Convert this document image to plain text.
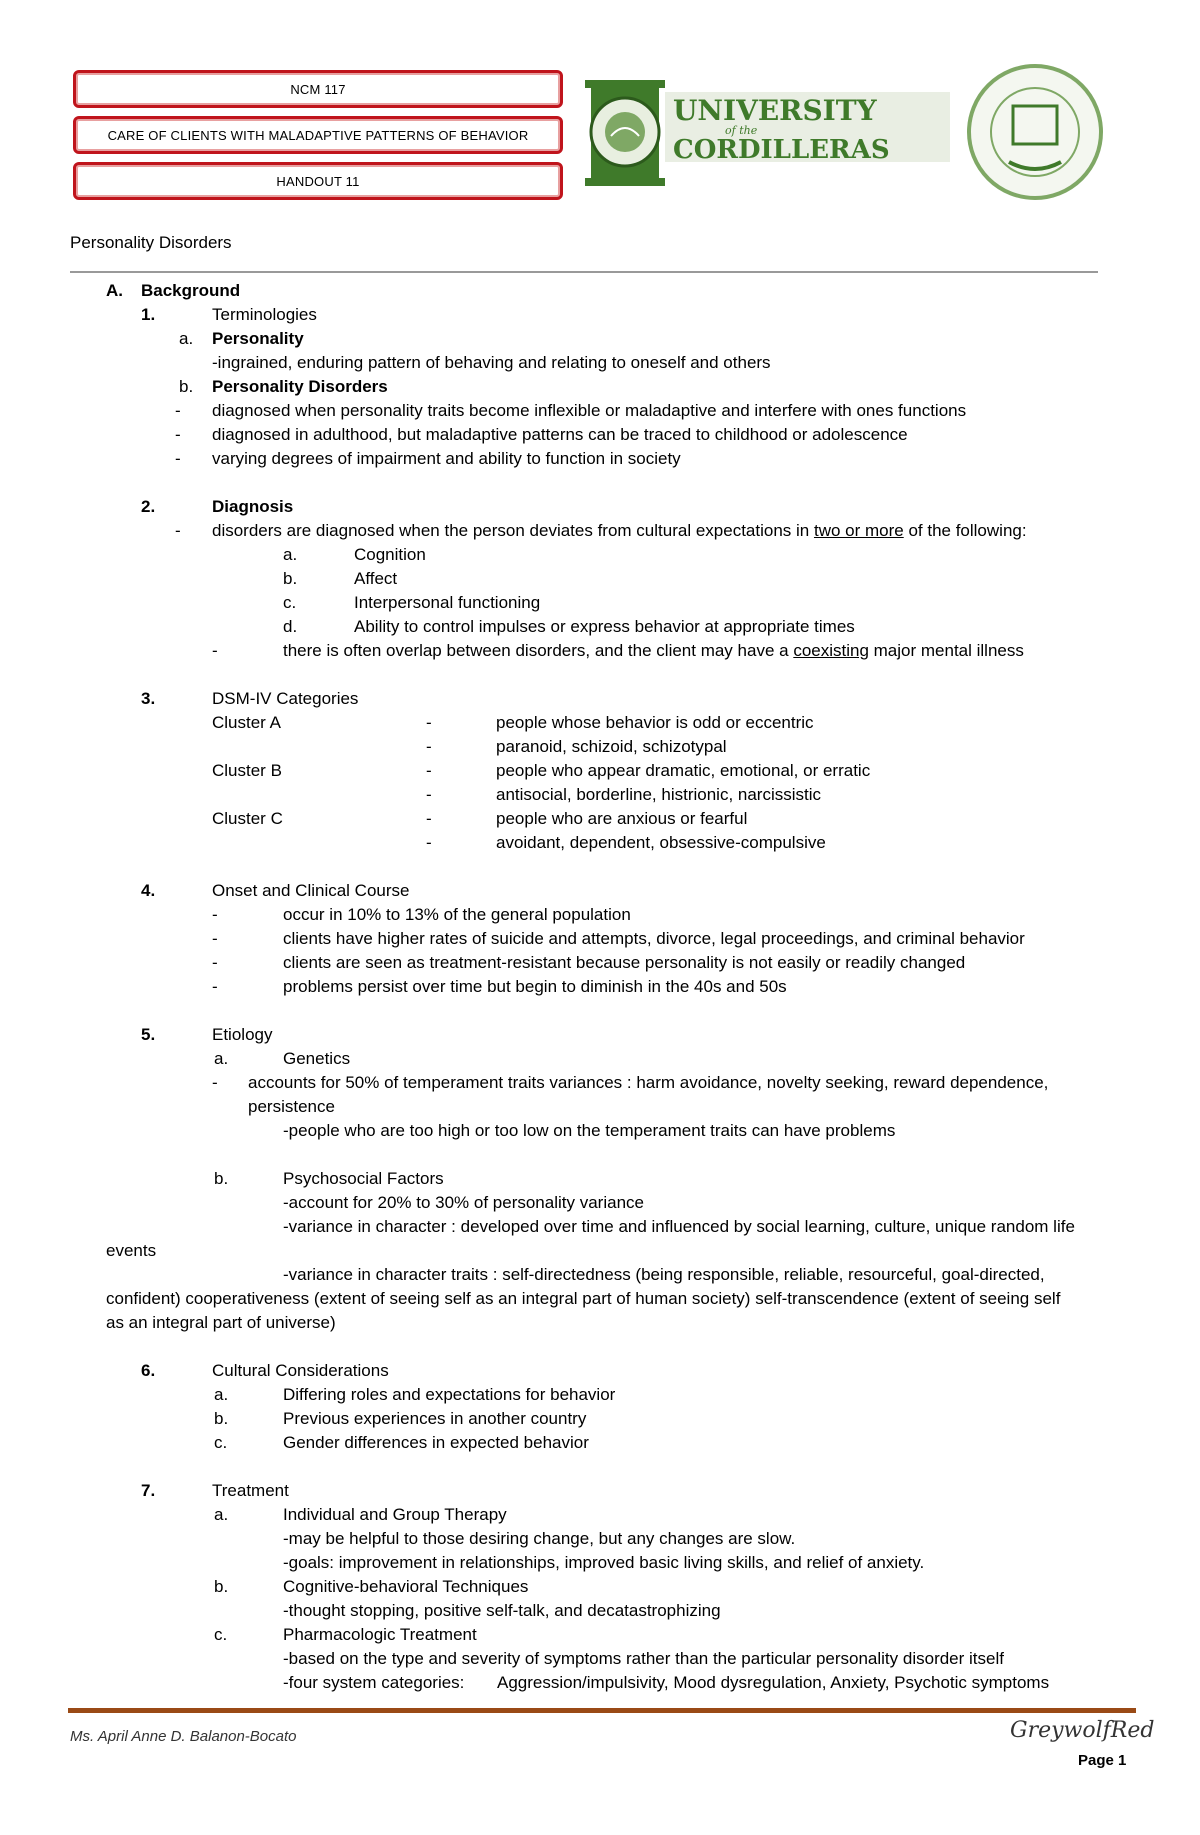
NCM 117
CARE OF CLIENTS WITH MALADAPTIVE PATTERNS OF BEHAVIOR
HANDOUT 11
UNIVERSITY
of the
CORDILLERAS
Personality Disorders
A. Background
1.	Terminologies
a. Personality
-ingrained, enduring pattern of behaving and relating to oneself and others
b. Personality Disorders
- diagnosed when personality traits become inflexible or maladaptive and interfere with ones functions
- diagnosed in adulthood, but maladaptive patterns can be traced to childhood or adolescence
- varying degrees of impairment and ability to function in society
2.	Diagnosis
- disorders are diagnosed when the person deviates from cultural expectations in two or more of the following:
a.	Cognition
b.	Affect
c.	Interpersonal functioning
d.	Ability to control impulses or express behavior at appropriate times
-	there is often overlap between disorders, and the client may have a coexisting major mental illness
3.	DSM-IV Categories
Cluster A	-	people whose behavior is odd or eccentric
-	paranoid, schizoid, schizotypal
Cluster B	-	people who appear dramatic, emotional, or erratic
-	antisocial, borderline, histrionic, narcissistic
Cluster C	-	people who are anxious or fearful
-	avoidant, dependent, obsessive-compulsive
4.	Onset and Clinical Course
-	occur in 10% to 13% of the general population
-	clients have higher rates of suicide and attempts, divorce, legal proceedings, and criminal behavior
-	clients are seen as treatment-resistant because personality is not easily or readily changed
-	problems persist over time but begin to diminish in the 40s and 50s
5.	Etiology
a.	Genetics
- accounts for 50% of temperament traits variances : harm avoidance, novelty seeking, reward dependence,
persistence
-people who are too high or too low on the temperament traits can have problems
b.	Psychosocial Factors
-account for 20% to 30% of personality variance
-variance in character : developed over time and influenced by social learning, culture, unique random life
events
-variance in character traits : self-directedness (being responsible, reliable, resourceful, goal-directed,
confident) cooperativeness (extent of seeing self as an integral part of human society) self-transcendence (extent of seeing self
as an integral part of universe)
6.	Cultural Considerations
a.	Differing roles and expectations for behavior
b.	Previous experiences in another country
c.	Gender differences in expected behavior
7.	Treatment
a.	Individual and Group Therapy
-may be helpful to those desiring change, but any changes are slow.
-goals: improvement in relationships, improved basic living skills, and relief of anxiety.
b.	Cognitive-behavioral Techniques
-thought stopping, positive self-talk, and decatastrophizing
c.	Pharmacologic Treatment
-based on the type and severity of symptoms rather than the particular personality disorder itself
-four system categories: Aggression/impulsivity, Mood dysregulation, Anxiety, Psychotic symptoms
Ms. April Anne D. Balanon-Bocato	GreywolfRed
Page 1
